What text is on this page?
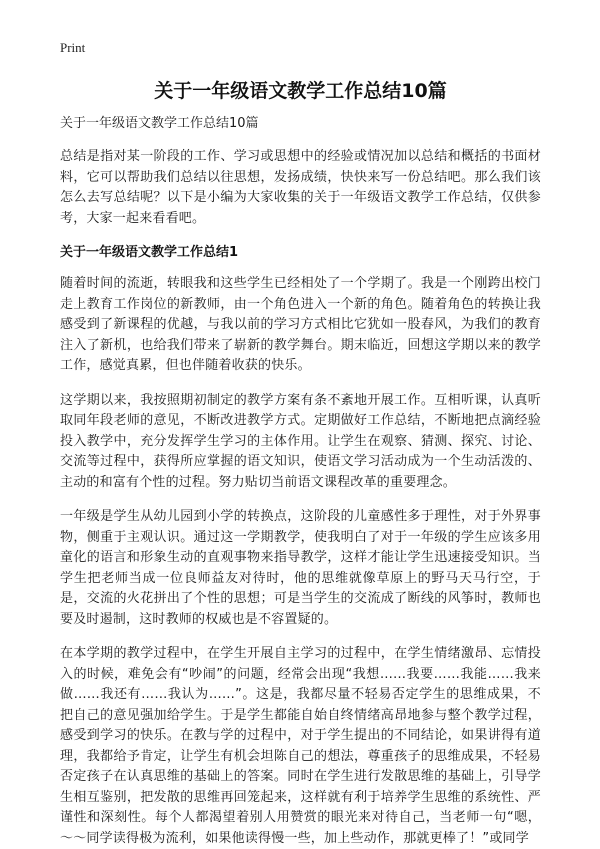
Print
关于一年级语文教学工作总结10篇
关于一年级语文教学工作总结10篇

总结是指对某一阶段的工作、学习或思想中的经验或情况加以总结和概括的书面材料，它可以帮助我们总结以往思想，发扬成绩，快快来写一份总结吧。那么我们该怎么去写总结呢？以下是小编为大家收集的关于一年级语文教学工作总结，仅供参考，大家一起来看看吧。

关于一年级语文教学工作总结1

随着时间的流逝，转眼我和这些学生已经相处了一个学期了。我是一个刚跨出校门走上教育工作岗位的新教师，由一个角色进入一个新的角色。随着角色的转换让我感受到了新课程的优越，与我以前的学习方式相比它犹如一股春风，为我们的教育注入了新机，也给我们带来了崭新的教学舞台。期末临近，回想这学期以来的教学工作，感觉真累，但也伴随着收获的快乐。

这学期以来，我按照期初制定的教学方案有条不紊地开展工作。互相听课，认真听取同年段老师的意见，不断改进教学方式。定期做好工作总结，不断地把点滴经验投入教学中，充分发挥学生学习的主体作用。让学生在观察、猜测、探究、讨论、交流等过程中，获得所应掌握的语文知识，使语文学习活动成为一个生动活泼的、主动的和富有个性的过程。努力贴切当前语文课程改革的重要理念。

一年级是学生从幼儿园到小学的转换点，这阶段的儿童感性多于理性，对于外界事物，侧重于主观认识。通过这一学期教学，使我明白了对于一年级的学生应该多用童化的语言和形象生动的直观事物来指导教学，这样才能让学生迅速接受知识。当学生把老师当成一位良师益友对待时，他的思维就像草原上的野马天马行空，于是，交流的火花拼出了个性的思想；可是当学生的交流成了断线的风筝时，教师也要及时遏制，这时教师的权威也是不容置疑的。

在本学期的教学过程中，在学生开展自主学习的过程中，在学生情绪激昂、忘情投入的时候，难免会有“吵闹”的问题，经常会出现“我想……我要……我能……我来做……我还有……我认为……”。这是，我都尽量不轻易否定学生的思维成果，不把自己的意见强加给学生。于是学生都能自始自终情绪高昂地参与整个教学过程，感受到学习的快乐。在教与学的过程中，对于学生提出的不同结论，如果讲得有道理，我都给予肯定，让学生有机会坦陈自己的想法，尊重孩子的思维成果，不轻易否定孩子在认真思维的基础上的答案。同时在学生进行发散思维的基础上，引导学生相互鉴别，把发散的思维再回笼起来，这样就有利于培养学生思维的系统性、严谨性和深刻性。每个人都渴望着别人用赞赏的眼光来对待自己，当老师一句“嗯，～～同学读得极为流利，如果他读得慢一些，加上些动作，那就更棒了！”或同学
